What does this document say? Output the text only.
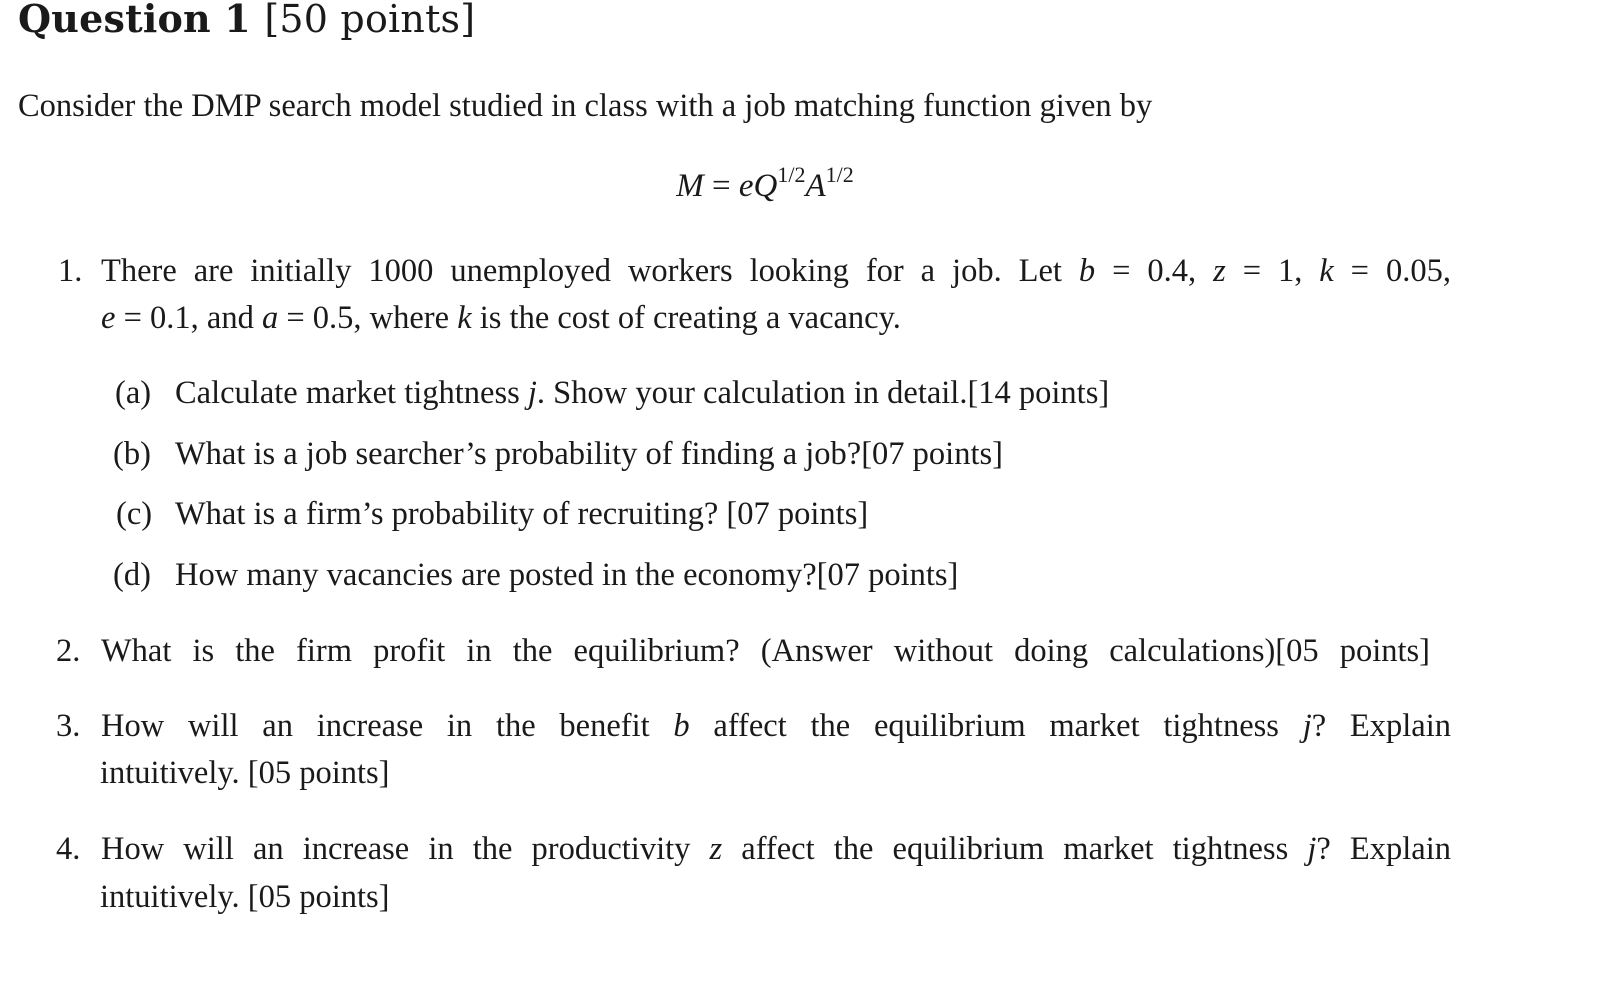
Question 1 [50 points]

Consider the DMP search model studied in class with a job matching function given by

$M = eQ^{1/2}A^{1/2}$
1. There are initially 1000 unemployed workers looking for a job. Let b = 0.4, z = 1, k = 0.05,
e = 0.1, and a = 0.5, where k is the cost of creating a vacancy.
(a) Calculate market tightness j. Show your calculation in detail.[14 points]
(b) What is a job searcher’s probability of finding a job?[07 points]
(c) What is a firm’s probability of recruiting? [07 points]
(d) How many vacancies are posted in the economy?[07 points]
2. What is the firm profit in the equilibrium? (Answer without doing calculations)[05 points]
3. How will an increase in the benefit b affect the equilibrium market tightness j? Explain
intuitively. [05 points]
4. How will an increase in the productivity z affect the equilibrium market tightness j? Explain
intuitively. [05 points]
